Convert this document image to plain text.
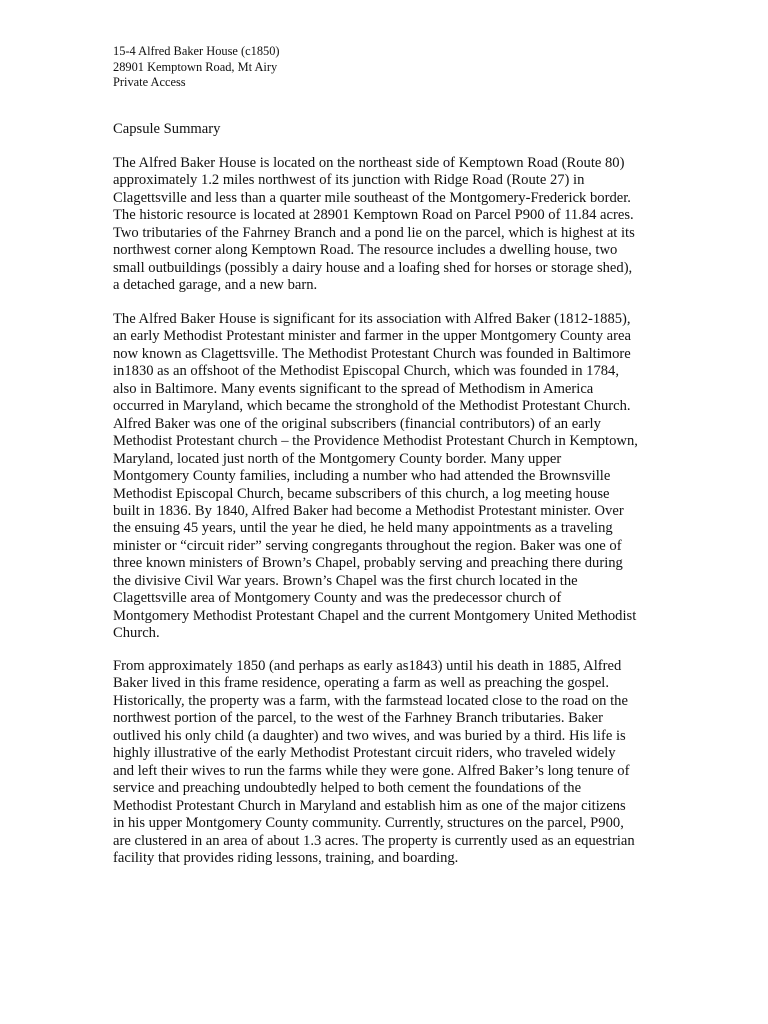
15-4 Alfred Baker House (c1850)
28901 Kemptown Road, Mt Airy
Private Access
Capsule Summary
The Alfred Baker House is located on the northeast side of Kemptown Road (Route 80)
approximately 1.2 miles northwest of its junction with Ridge Road (Route 27) in
Clagettsville and less than a quarter mile southeast of the Montgomery-Frederick border.
The historic resource is located at 28901 Kemptown Road on Parcel P900 of 11.84 acres.
Two tributaries of the Fahrney Branch and a pond lie on the parcel, which is highest at its
northwest corner along Kemptown Road. The resource includes a dwelling house, two
small outbuildings (possibly a dairy house and a loafing shed for horses or storage shed),
a detached garage, and a new barn.
The Alfred Baker House is significant for its association with Alfred Baker (1812-1885),
an early Methodist Protestant minister and farmer in the upper Montgomery County area
now known as Clagettsville. The Methodist Protestant Church was founded in Baltimore
in1830 as an offshoot of the Methodist Episcopal Church, which was founded in 1784,
also in Baltimore. Many events significant to the spread of Methodism in America
occurred in Maryland, which became the stronghold of the Methodist Protestant Church.
Alfred Baker was one of the original subscribers (financial contributors) of an early
Methodist Protestant church – the Providence Methodist Protestant Church in Kemptown,
Maryland, located just north of the Montgomery County border. Many upper
Montgomery County families, including a number who had attended the Brownsville
Methodist Episcopal Church, became subscribers of this church, a log meeting house
built in 1836. By 1840, Alfred Baker had become a Methodist Protestant minister. Over
the ensuing 45 years, until the year he died, he held many appointments as a traveling
minister or “circuit rider” serving congregants throughout the region. Baker was one of
three known ministers of Brown’s Chapel, probably serving and preaching there during
the divisive Civil War years. Brown’s Chapel was the first church located in the
Clagettsville area of Montgomery County and was the predecessor church of
Montgomery Methodist Protestant Chapel and the current Montgomery United Methodist
Church.
From approximately 1850 (and perhaps as early as1843) until his death in 1885, Alfred
Baker lived in this frame residence, operating a farm as well as preaching the gospel.
Historically, the property was a farm, with the farmstead located close to the road on the
northwest portion of the parcel, to the west of the Farhney Branch tributaries. Baker
outlived his only child (a daughter) and two wives, and was buried by a third. His life is
highly illustrative of the early Methodist Protestant circuit riders, who traveled widely
and left their wives to run the farms while they were gone. Alfred Baker’s long tenure of
service and preaching undoubtedly helped to both cement the foundations of the
Methodist Protestant Church in Maryland and establish him as one of the major citizens
in his upper Montgomery County community. Currently, structures on the parcel, P900,
are clustered in an area of about 1.3 acres. The property is currently used as an equestrian
facility that provides riding lessons, training, and boarding.
